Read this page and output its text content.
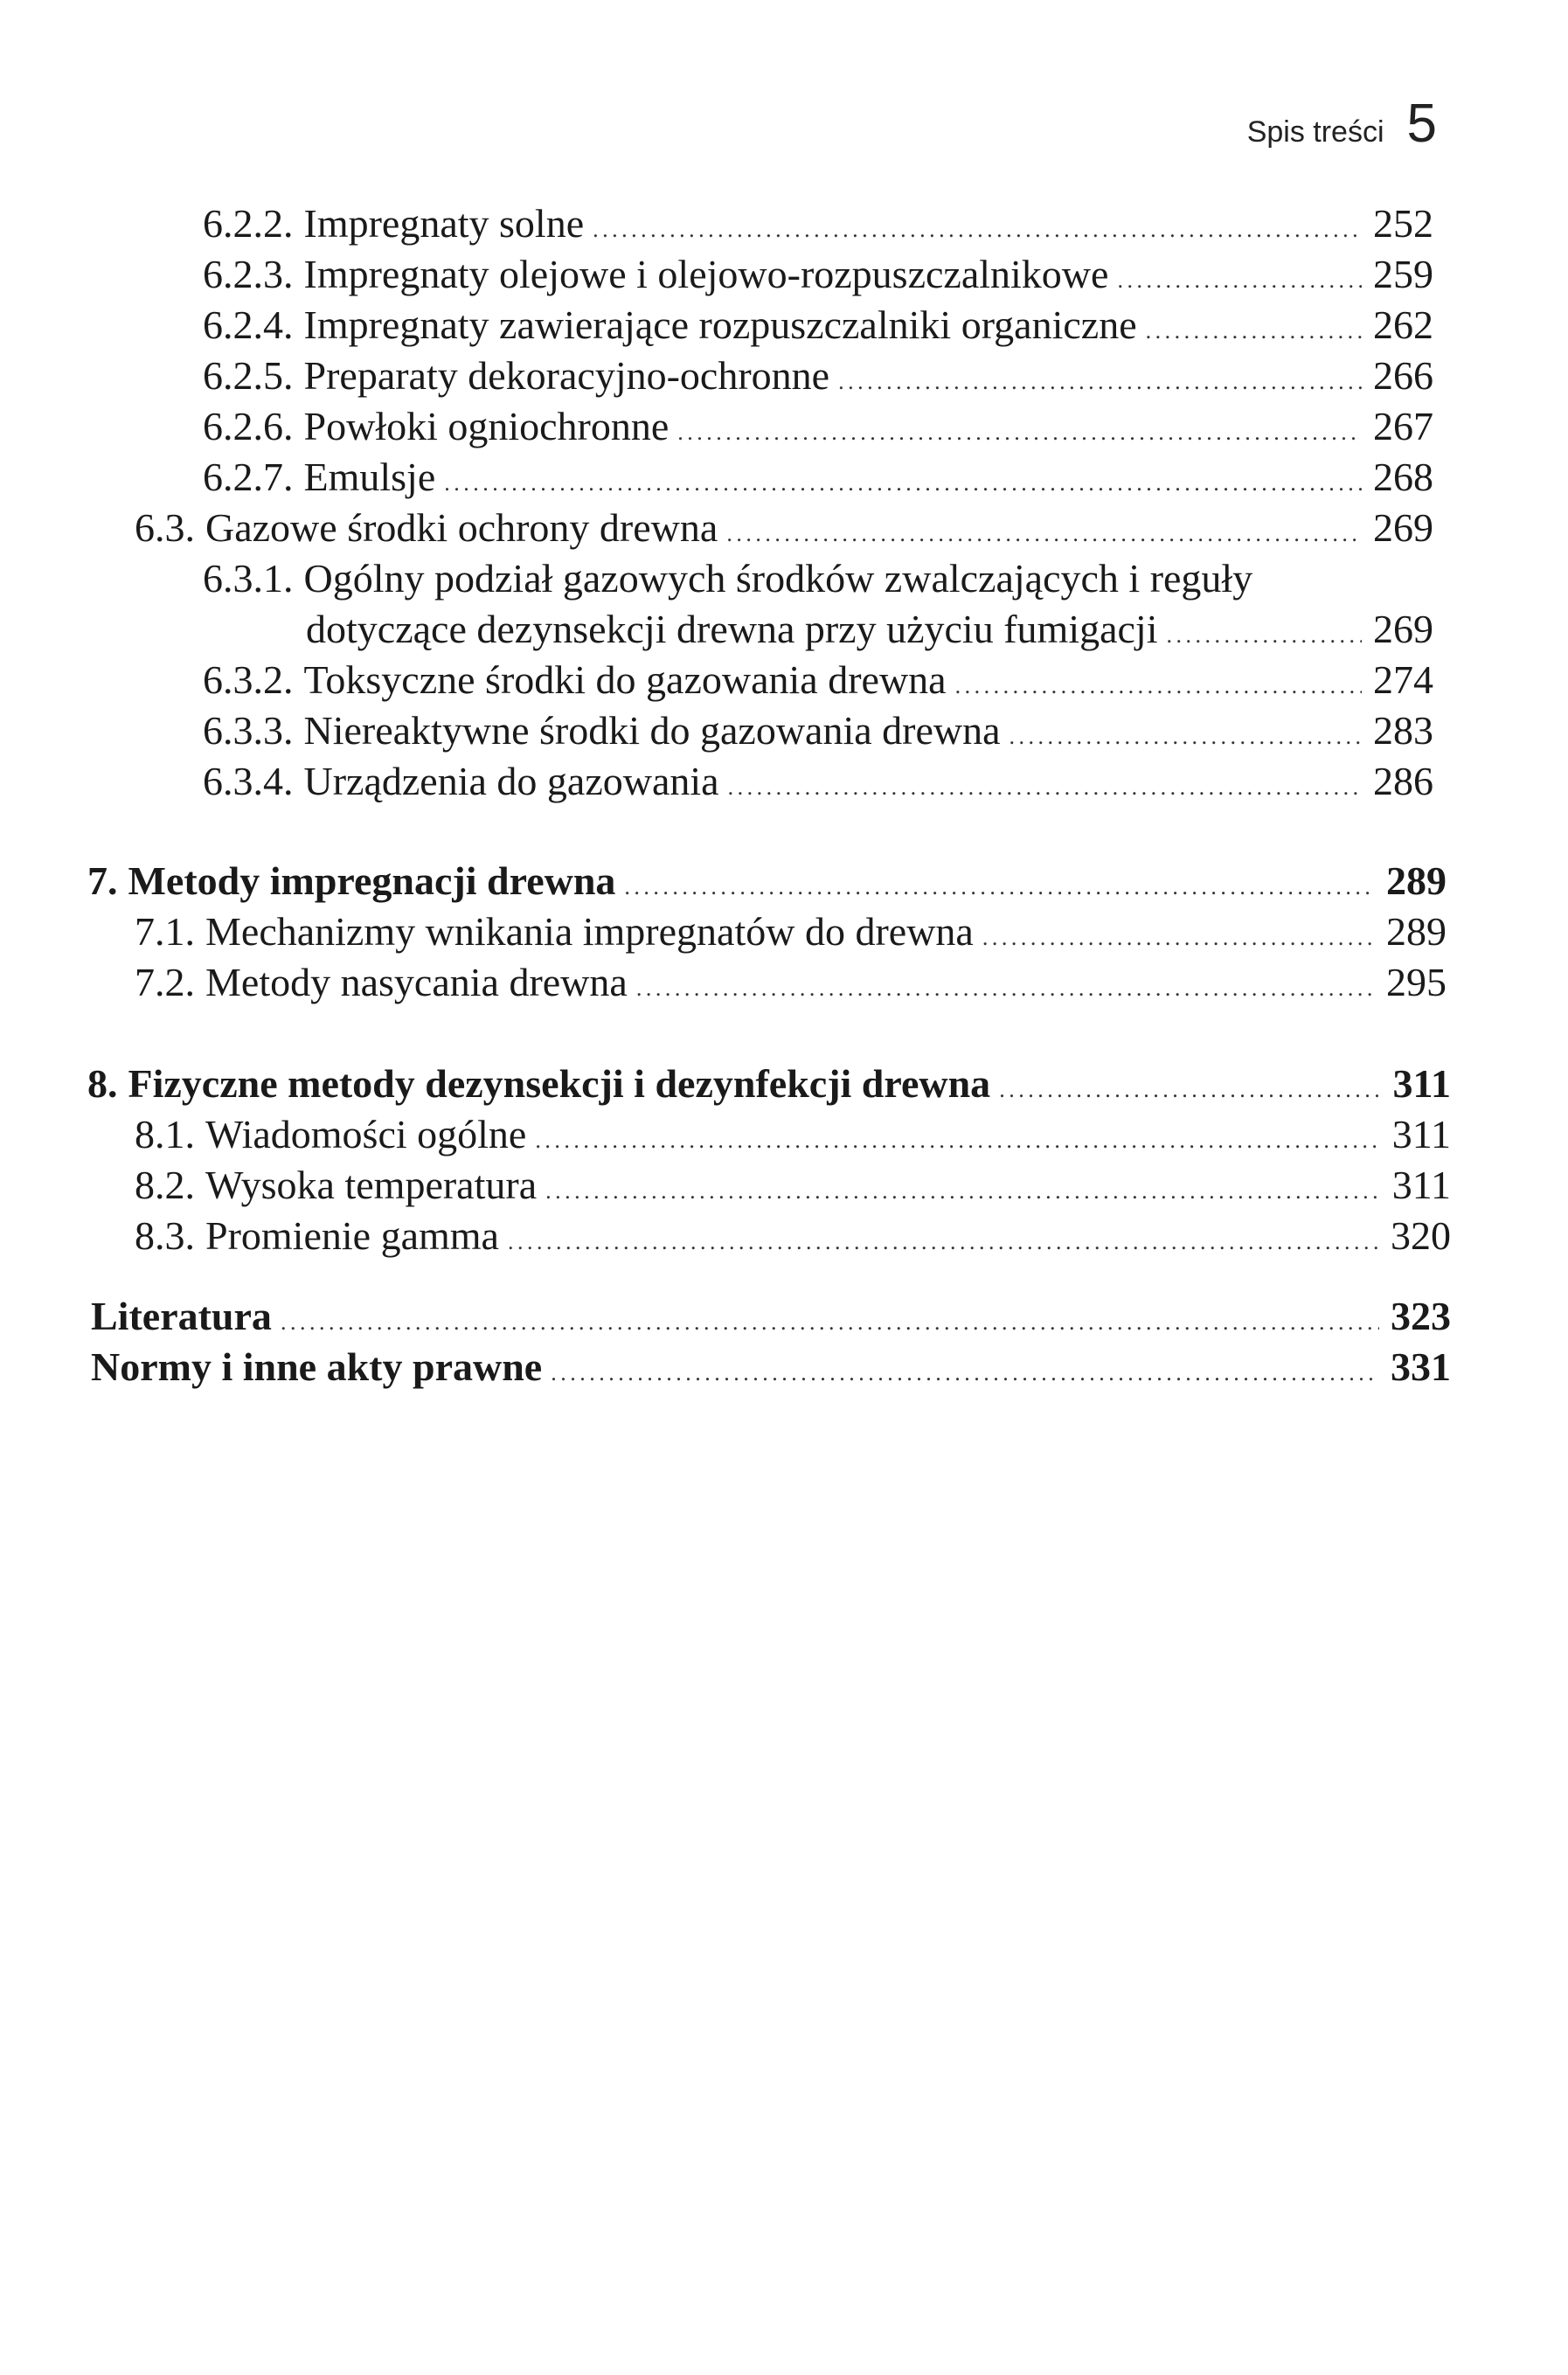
Spis treści 5
6.2.2. Impregnaty solne . . .	252
6.2.3. Impregnaty olejowe i olejowo-rozpuszczalnikowe . . .	259
6.2.4. Impregnaty zawierające rozpuszczalniki organiczne . . .	262
6.2.5. Preparaty dekoracyjno-ochronne . . .	266
6.2.6. Powłoki ogniochronne . . .	267
6.2.7. Emulsje . . .	268
6.3. Gazowe środki ochrony drewna . . .	269
6.3.1. Ogólny podział gazowych środków zwalczających i reguły
dotyczące dezynsekcji drewna przy użyciu fumigacji . . .	269
6.3.2. Toksyczne środki do gazowania drewna . . .	274
6.3.3. Niereaktywne środki do gazowania drewna . . .	283
6.3.4. Urządzenia do gazowania . . .	286
7. Metody impregnacji drewna . . .	289
7.1. Mechanizmy wnikania impregnatów do drewna . . .	289
7.2. Metody nasycania drewna . . .	295
8. Fizyczne metody dezynsekcji i dezynfekcji drewna . . .	311
8.1. Wiadomości ogólne . . .	311
8.2. Wysoka temperatura . . .	311
8.3. Promienie gamma . . .	320
Literatura . . .	323
Normy i inne akty prawne . . .	331
